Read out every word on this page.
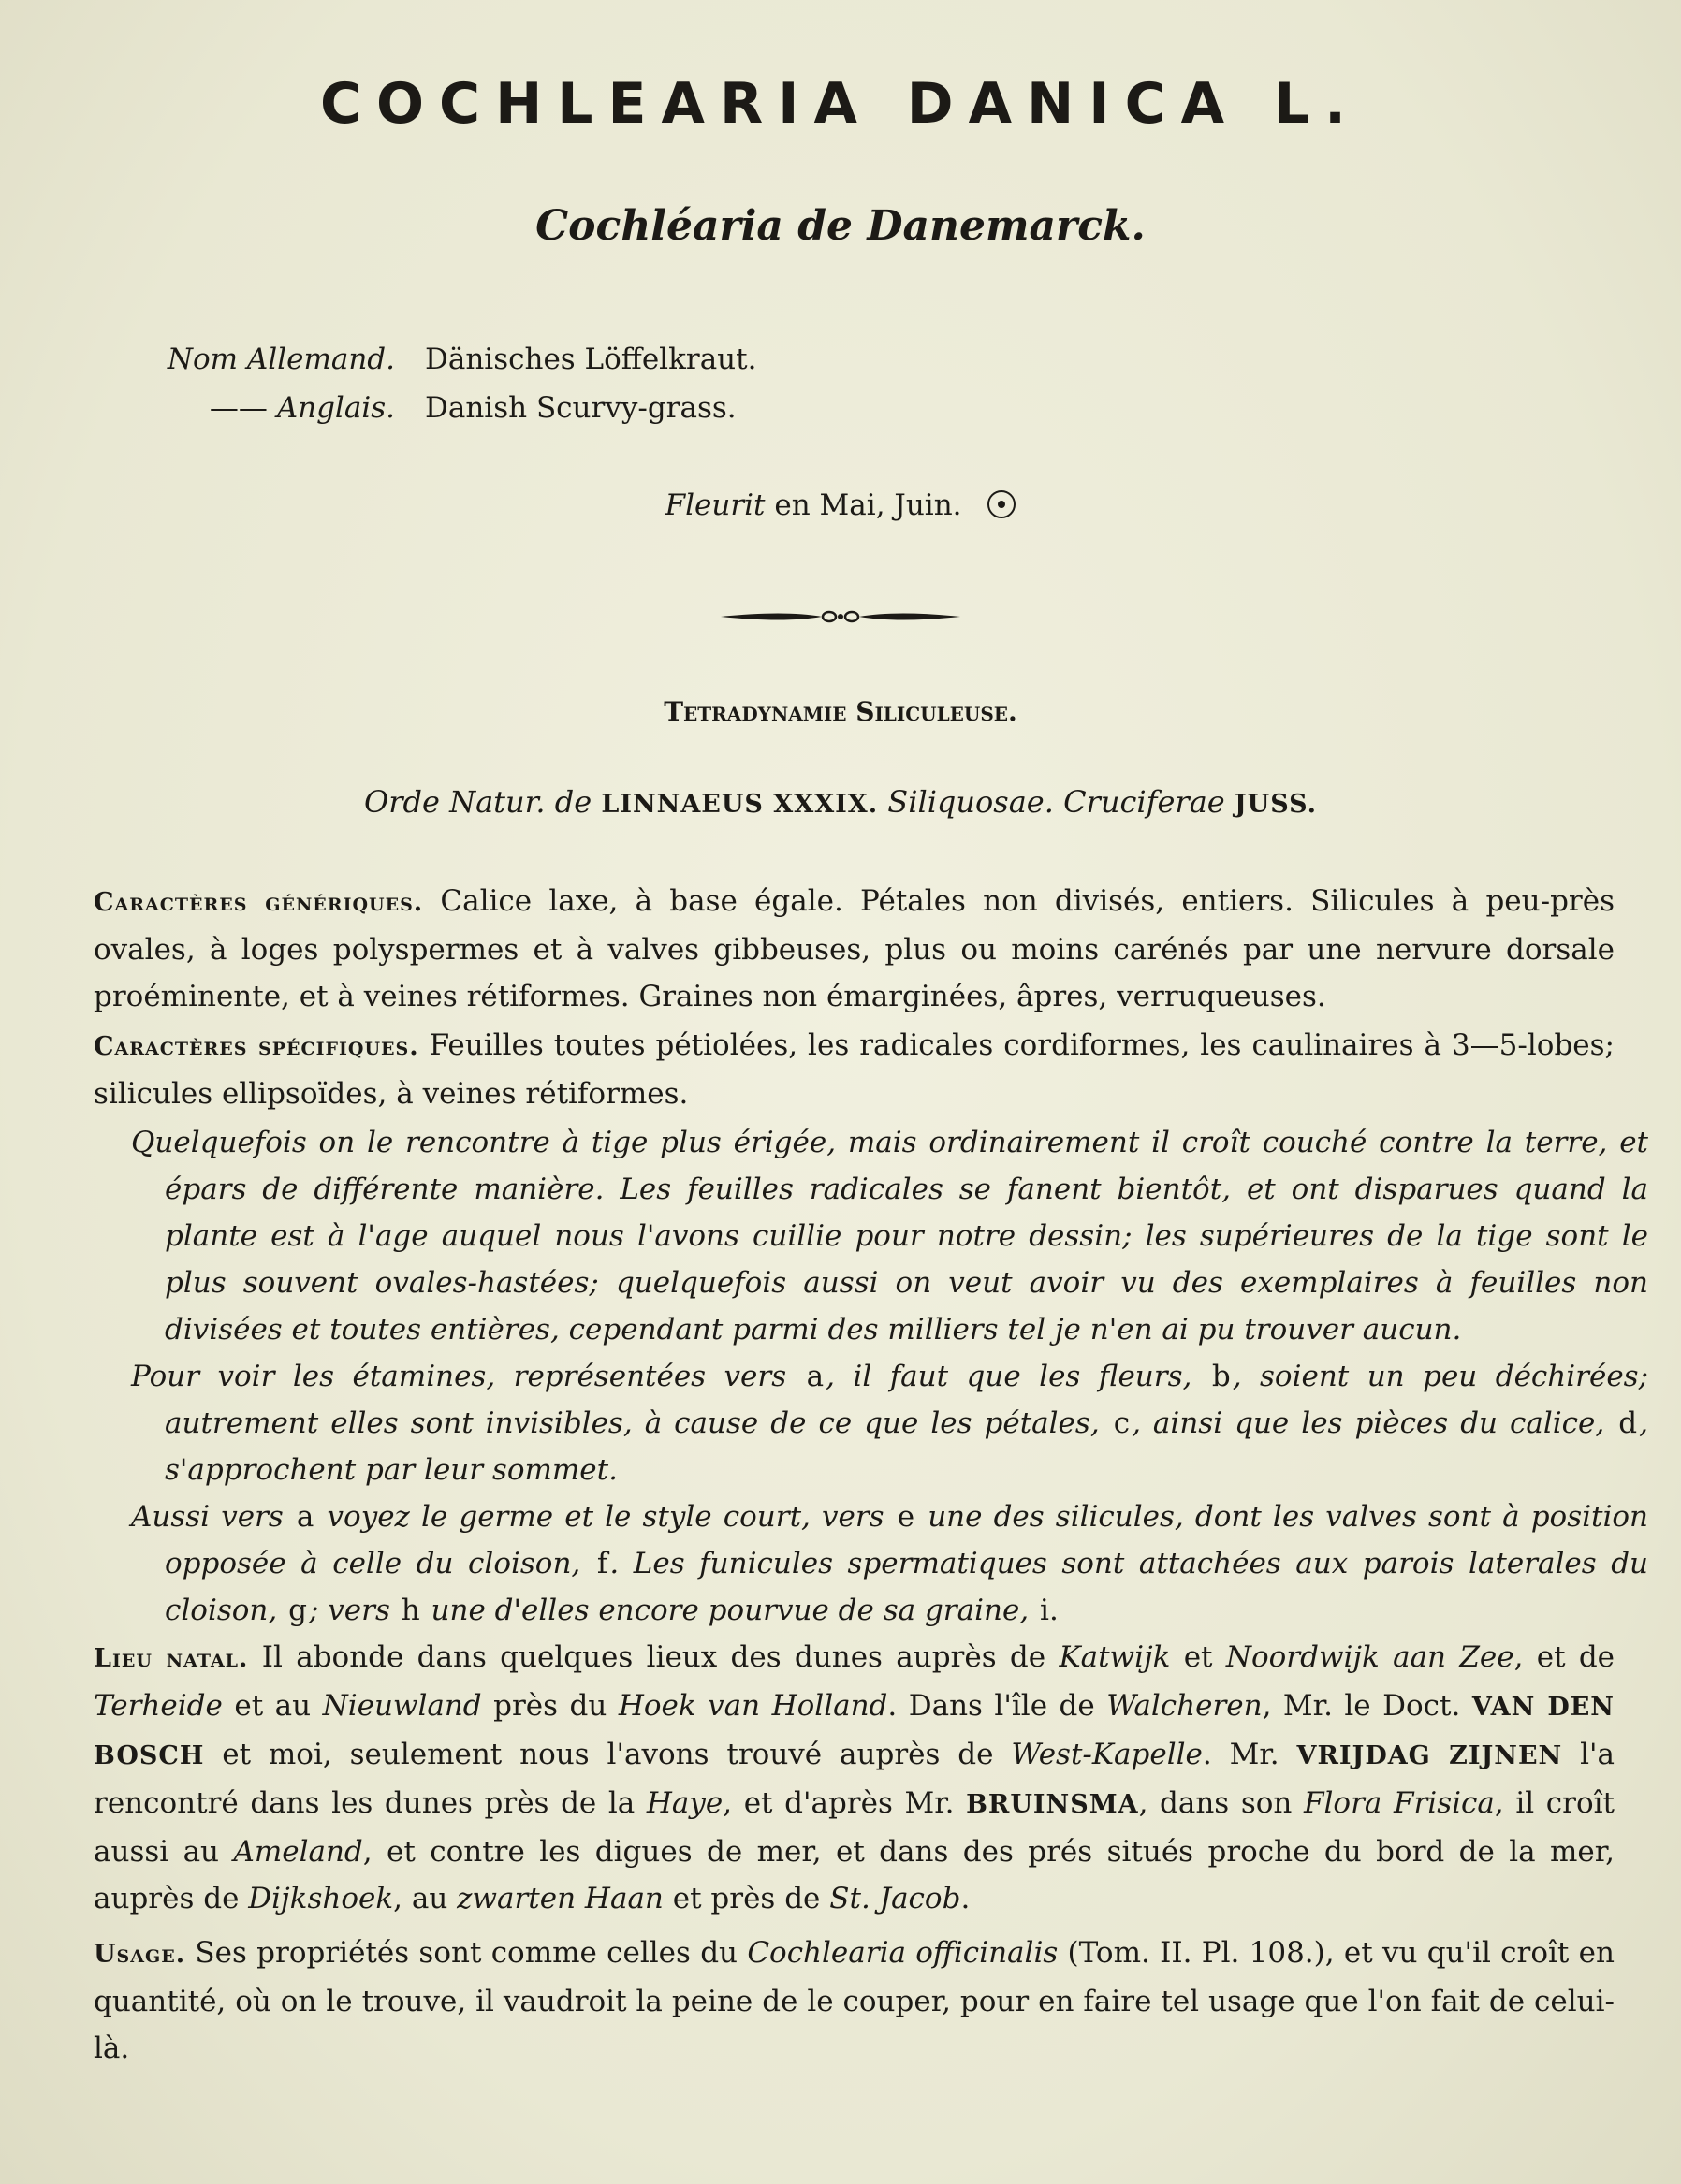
COCHLEARIA DANICA L.
Cochléaria de Danemarck.
Nom Allemand. Dänisches Löffelkraut.
—— Anglais. Danish Scurvy-grass.
Fleurit en Mai, Juin.
Tetradynamie Siliculeuse.
Orde Natur. de LINNAEUS XXXIX. Siliquosae. Cruciferae JUSS.
Caractères génériques. Calice laxe, à base égale. Pétales non divisés, entiers. Silicules à peu-près ovales, à loges polyspermes et à valves gibbeuses, plus ou moins carénés par une nervure dorsale proéminente, et à veines rétiformes. Graines non émarginées, âpres, verruqueuses.
Caractères spécifiques. Feuilles toutes pétiolées, les radicales cordiformes, les caulinaires à 3—5-lobes; silicules ellipsoïdes, à veines rétiformes.
Quelquefois on le rencontre à tige plus érigée, mais ordinairement il croît couché contre la terre, et épars de différente manière. Les feuilles radicales se fanent bientôt, et ont disparues quand la plante est à l'age auquel nous l'avons cuillie pour notre dessin; les supérieures de la tige sont le plus souvent ovales-hastées; quelquefois aussi on veut avoir vu des exemplaires à feuilles non divisées et toutes entières, cependant parmi des milliers tel je n'en ai pu trouver aucun.
Pour voir les étamines, représentées vers a, il faut que les fleurs, b, soient un peu déchirées; autrement elles sont invisibles, à cause de ce que les pétales, c, ainsi que les pièces du calice, d, s'approchent par leur sommet.
Aussi vers a voyez le germe et le style court, vers e une des silicules, dont les valves sont à position opposée à celle du cloison, f. Les funicules spermatiques sont attachées aux parois laterales du cloison, g; vers h une d'elles encore pourvue de sa graine, i.
Lieu natal. Il abonde dans quelques lieux des dunes auprès de Katwijk et Noordwijk aan Zee, et de Terheide et au Nieuwland près du Hoek van Holland. Dans l'île de Walcheren, Mr. le Doct. VAN DEN BOSCH et moi, seulement nous l'avons trouvé auprès de West-Kapelle. Mr. VRIJDAG ZIJNEN l'a rencontré dans les dunes près de la Haye, et d'après Mr. BRUINSMA, dans son Flora Frisica, il croît aussi au Ameland, et contre les digues de mer, et dans des prés situés proche du bord de la mer, auprès de Dijkshoek, au zwarten Haan et près de St. Jacob.
Usage. Ses propriétés sont comme celles du Cochlearia officinalis (Tom. II. Pl. 108.), et vu qu'il croît en quantité, où on le trouve, il vaudroit la peine de le couper, pour en faire tel usage que l'on fait de celui-là.
